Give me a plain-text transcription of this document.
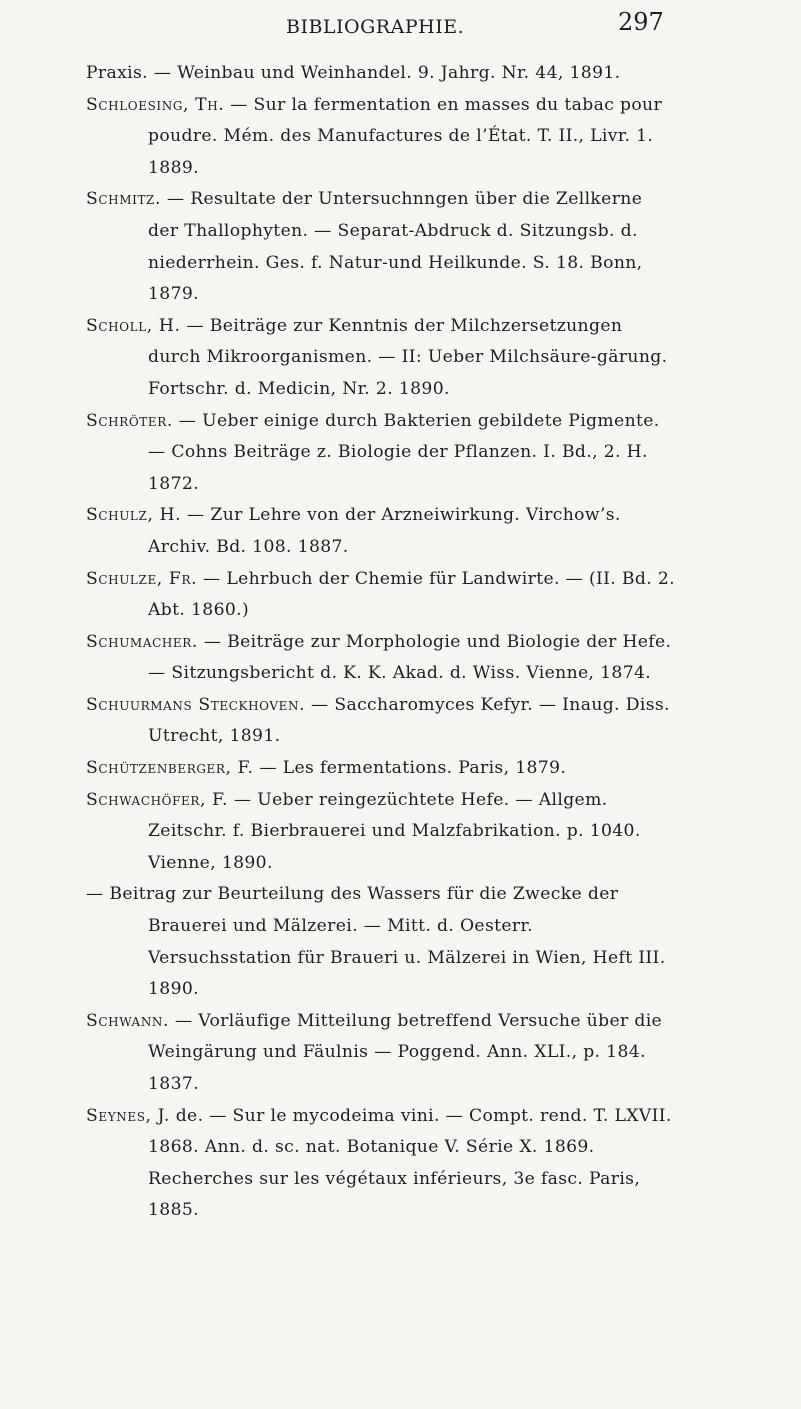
BIBLIOGRAPHIE.	297

Praxis. — Weinbau und Weinhandel. 9. Jahrg. Nr. 44, 1891.

Schloesing, Th. — Sur la fermentation en masses du tabac pour poudre. Mém. des Manufactures de l’État. T. II., Livr. 1. 1889.

Schmitz. — Resultate der Untersuchnngen über die Zellkerne der Thallophyten. — Separat-Abdruck d. Sitzungsb. d. niederrhein. Ges. f. Natur-und Heilkunde. S. 18. Bonn, 1879.

Scholl, H. — Beiträge zur Kenntnis der Milchzersetzungen durch Mikroorganismen. — II: Ueber Milchsäure-gärung. Fortschr. d. Medicin, Nr. 2. 1890.

Schröter. — Ueber einige durch Bakterien gebildete Pigmente. — Cohns Beiträge z. Biologie der Pflanzen. I. Bd., 2. H. 1872.

Schulz, H. — Zur Lehre von der Arzneiwirkung. Virchow’s. Archiv. Bd. 108. 1887.

Schulze, Fr. — Lehrbuch der Chemie für Landwirte. — (II. Bd. 2. Abt. 1860.)

Schumacher. — Beiträge zur Morphologie und Biologie der Hefe. — Sitzungsbericht d. K. K. Akad. d. Wiss. Vienne, 1874.

Schuurmans Steckhoven. — Saccharomyces Kefyr. — Inaug. Diss. Utrecht, 1891.

Schützenberger, F. — Les fermentations. Paris, 1879.

Schwachöfer, F. — Ueber reingezüchtete Hefe. — Allgem. Zeitschr. f. Bierbrauerei und Malzfabrikation. p. 1040. Vienne, 1890.

— Beitrag zur Beurteilung des Wassers für die Zwecke der Brauerei und Mälzerei. — Mitt. d. Oesterr. Versuchsstation für Braueri u. Mälzerei in Wien, Heft III. 1890.

Schwann. — Vorläufige Mitteilung betreffend Versuche über die Weingärung und Fäulnis — Poggend. Ann. XLI., p. 184. 1837.

Seynes, J. de. — Sur le mycodeima vini. — Compt. rend. T. LXVII. 1868. Ann. d. sc. nat. Botanique V. Série X. 1869. Recherches sur les végétaux inférieurs, 3e fasc. Paris, 1885.
